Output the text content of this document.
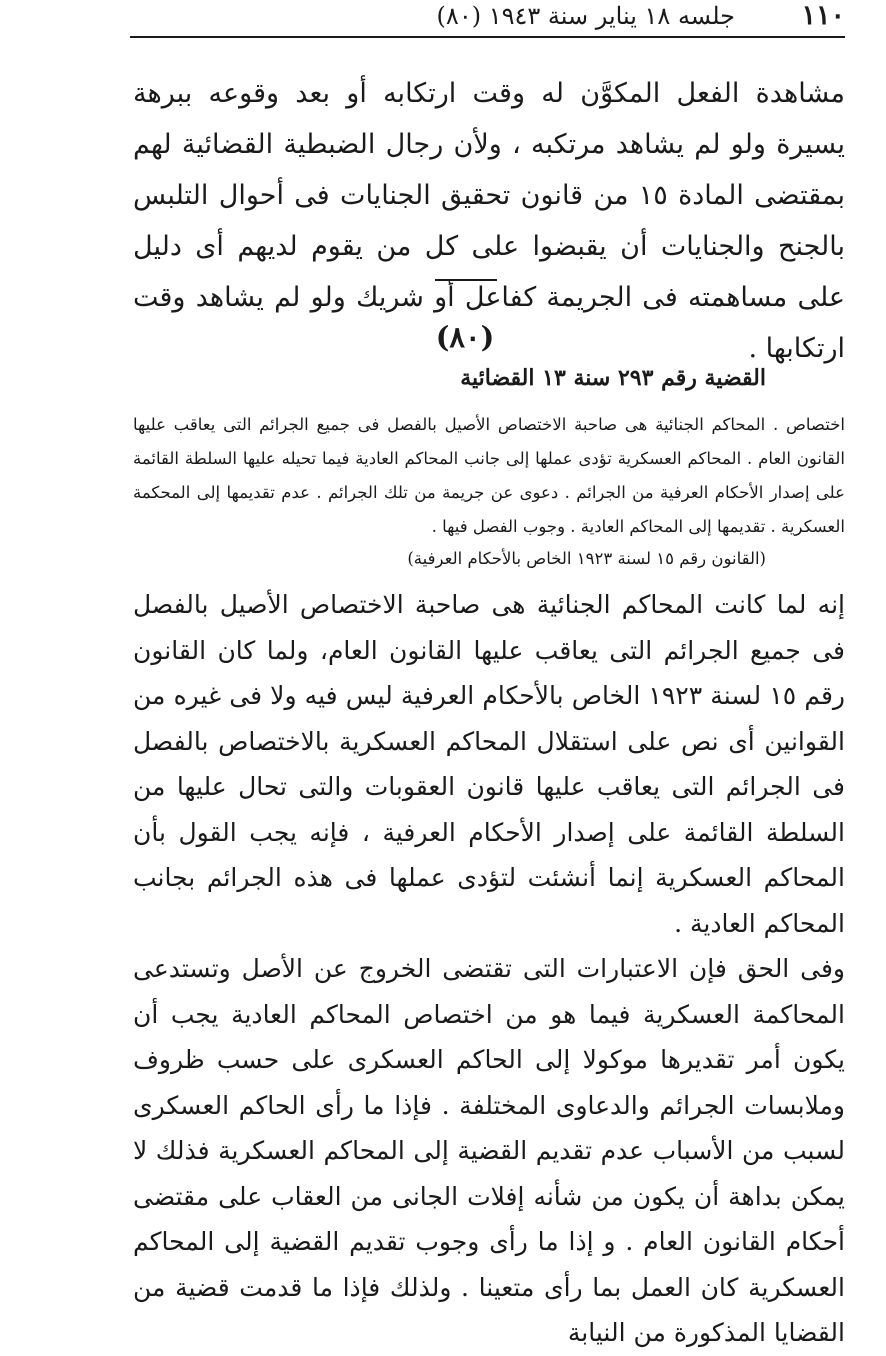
جلسه ١٨ يناير سنة ١٩٤٣ (٨٠) ١١٠

مشاهدة الفعل المكوَّن له وقت ارتكابه أو بعد وقوعه ببرهة يسيرة ولو لم يشاهد مرتكبه ، ولأن رجال الضبطية القضائية لهم بمقتضى المادة ١٥ من قانون تحقيق الجنايات فى أحوال التلبس بالجنح والجنايات أن يقبضوا على كل من يقوم لديهم أى دليل على مساهمته فى الجريمة كفاعل أو شريك ولو لم يشاهد وقت ارتكابها .

(٨٠)
القضية رقم ٢٩٣ سنة ١٣ القضائية

اختصاص . المحاكم الجنائية هى صاحبة الاختصاص الأصيل بالفصل فى جميع الجرائم التى يعاقب عليها القانون العام . المحاكم العسكرية تؤدى عملها إلى جانب المحاكم العادية فيما تحيله عليها السلطة القائمة على إصدار الأحكام العرفية من الجرائم . دعوى عن جريمة من تلك الجرائم . عدم تقديمها إلى المحكمة العسكرية . تقديمها إلى المحاكم العادية . وجوب الفصل فيها .

(القانون رقم ١٥ لسنة ١٩٢٣ الخاص بالأحكام العرفية)

إنه لما كانت المحاكم الجنائية هى صاحبة الاختصاص الأصيل بالفصل فى جميع الجرائم التى يعاقب عليها القانون العام، ولما كان القانون رقم ١٥ لسنة ١٩٢٣ الخاص بالأحكام العرفية ليس فيه ولا فى غيره من القوانين أى نص على استقلال المحاكم العسكرية بالاختصاص بالفصل فى الجرائم التى يعاقب عليها قانون العقوبات والتى تحال عليها من السلطة القائمة على إصدار الأحكام العرفية ، فإنه يجب القول بأن المحاكم العسكرية إنما أنشئت لتؤدى عملها فى هذه الجرائم بجانب المحاكم العادية .

وفى الحق فإن الاعتبارات التى تقتضى الخروج عن الأصل وتستدعى المحاكمة العسكرية فيما هو من اختصاص المحاكم العادية يجب أن يكون أمر تقديرها موكولا إلى الحاكم العسكرى على حسب ظروف وملابسات الجرائم والدعاوى المختلفة . فإذا ما رأى الحاكم العسكرى لسبب من الأسباب عدم تقديم القضية إلى المحاكم العسكرية فذلك لا يمكن بداهة أن يكون من شأنه إفلات الجانى من العقاب على مقتضى أحكام القانون العام . و إذا ما رأى وجوب تقديم القضية إلى المحاكم العسكرية كان العمل بما رأى متعينا . ولذلك فإذا ما قدمت قضية من القضايا المذكورة من النيابة
